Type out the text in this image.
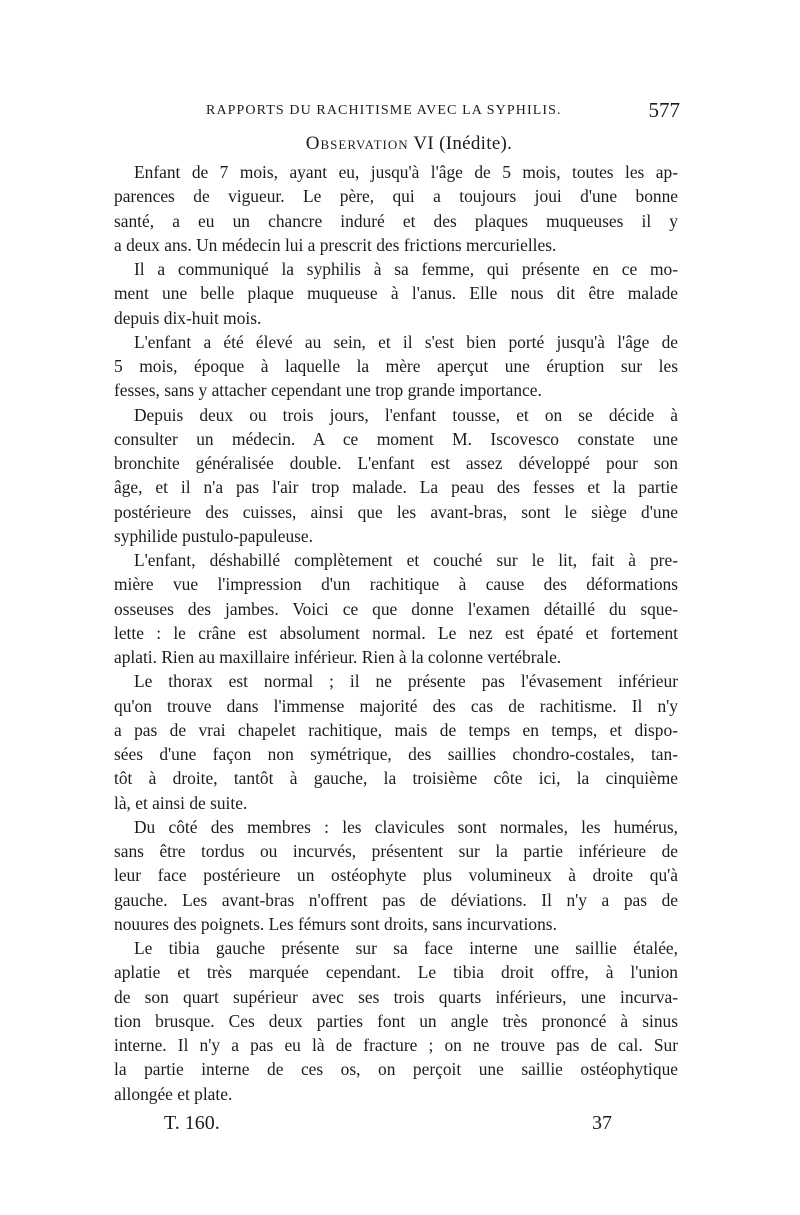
RAPPORTS DU RACHITISME AVEC LA SYPHILIS.	577
Observation VI (Inédite).
Enfant de 7 mois, ayant eu, jusqu'à l'âge de 5 mois, toutes les ap-
parences de vigueur. Le père, qui a toujours joui d'une bonne
santé, a eu un chancre induré et des plaques muqueuses il y
a deux ans. Un médecin lui a prescrit des frictions mercurielles.
Il a communiqué la syphilis à sa femme, qui présente en ce mo-
ment une belle plaque muqueuse à l'anus. Elle nous dit être malade
depuis dix-huit mois.
L'enfant a été élevé au sein, et il s'est bien porté jusqu'à l'âge de
5 mois, époque à laquelle la mère aperçut une éruption sur les
fesses, sans y attacher cependant une trop grande importance.
Depuis deux ou trois jours, l'enfant tousse, et on se décide à
consulter un médecin. A ce moment M. Iscovesco constate une
bronchite généralisée double. L'enfant est assez développé pour son
âge, et il n'a pas l'air trop malade. La peau des fesses et la partie
postérieure des cuisses, ainsi que les avant-bras, sont le siège d'une
syphilide pustulo-papuleuse.
L'enfant, déshabillé complètement et couché sur le lit, fait à pre-
mière vue l'impression d'un rachitique à cause des déformations
osseuses des jambes. Voici ce que donne l'examen détaillé du sque-
lette : le crâne est absolument normal. Le nez est épaté et fortement
aplati. Rien au maxillaire inférieur. Rien à la colonne vertébrale.
Le thorax est normal ; il ne présente pas l'évasement inférieur
qu'on trouve dans l'immense majorité des cas de rachitisme. Il n'y
a pas de vrai chapelet rachitique, mais de temps en temps, et dispo-
sées d'une façon non symétrique, des saillies chondro-costales, tan-
tôt à droite, tantôt à gauche, la troisième côte ici, la cinquième
là, et ainsi de suite.
Du côté des membres : les clavicules sont normales, les humérus,
sans être tordus ou incurvés, présentent sur la partie inférieure de
leur face postérieure un ostéophyte plus volumineux à droite qu'à
gauche. Les avant-bras n'offrent pas de déviations. Il n'y a pas de
nouures des poignets. Les fémurs sont droits, sans incurvations.
Le tibia gauche présente sur sa face interne une saillie étalée,
aplatie et très marquée cependant. Le tibia droit offre, à l'union
de son quart supérieur avec ses trois quarts inférieurs, une incurva-
tion brusque. Ces deux parties font un angle très prononcé à sinus
interne. Il n'y a pas eu là de fracture ; on ne trouve pas de cal. Sur
la partie interne de ces os, on perçoit une saillie ostéophytique
allongée et plate.
T. 160.	37
